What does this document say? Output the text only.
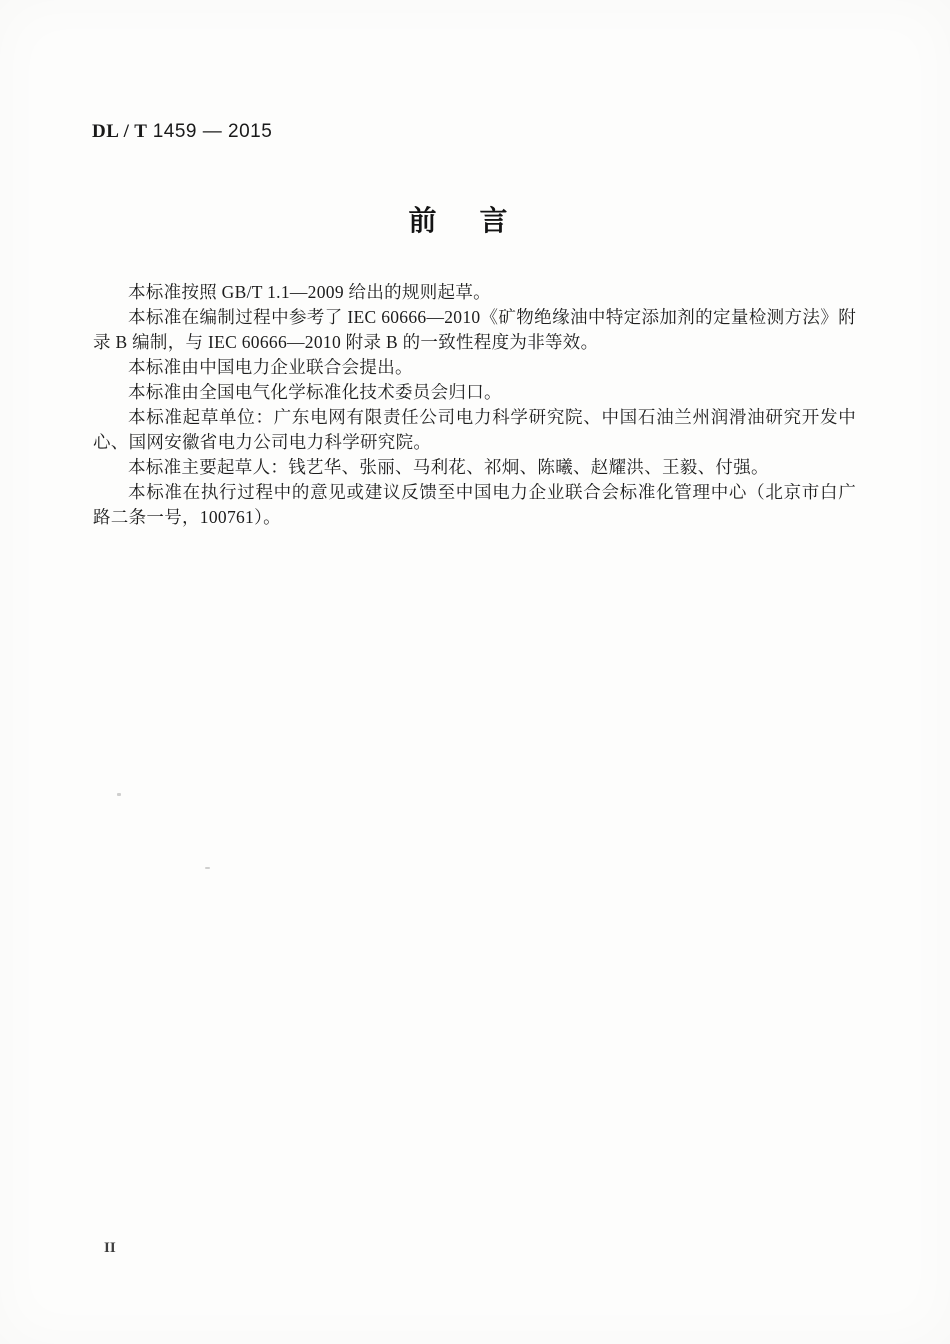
DL / T 1459 — 2015
前 言

本标准按照 GB/T 1.1—2009 给出的规则起草。

本标准在编制过程中参考了 IEC 60666—2010《矿物绝缘油中特定添加剂的定量检测方法》附录 B 编制，与 IEC 60666—2010 附录 B 的一致性程度为非等效。

本标准由中国电力企业联合会提出。

本标准由全国电气化学标准化技术委员会归口。

本标准起草单位：广东电网有限责任公司电力科学研究院、中国石油兰州润滑油研究开发中心、国网安徽省电力公司电力科学研究院。

本标准主要起草人：钱艺华、张丽、马利花、祁炯、陈曦、赵耀洪、王毅、付强。

本标准在执行过程中的意见或建议反馈至中国电力企业联合会标准化管理中心（北京市白广路二条一号，100761）。

II
